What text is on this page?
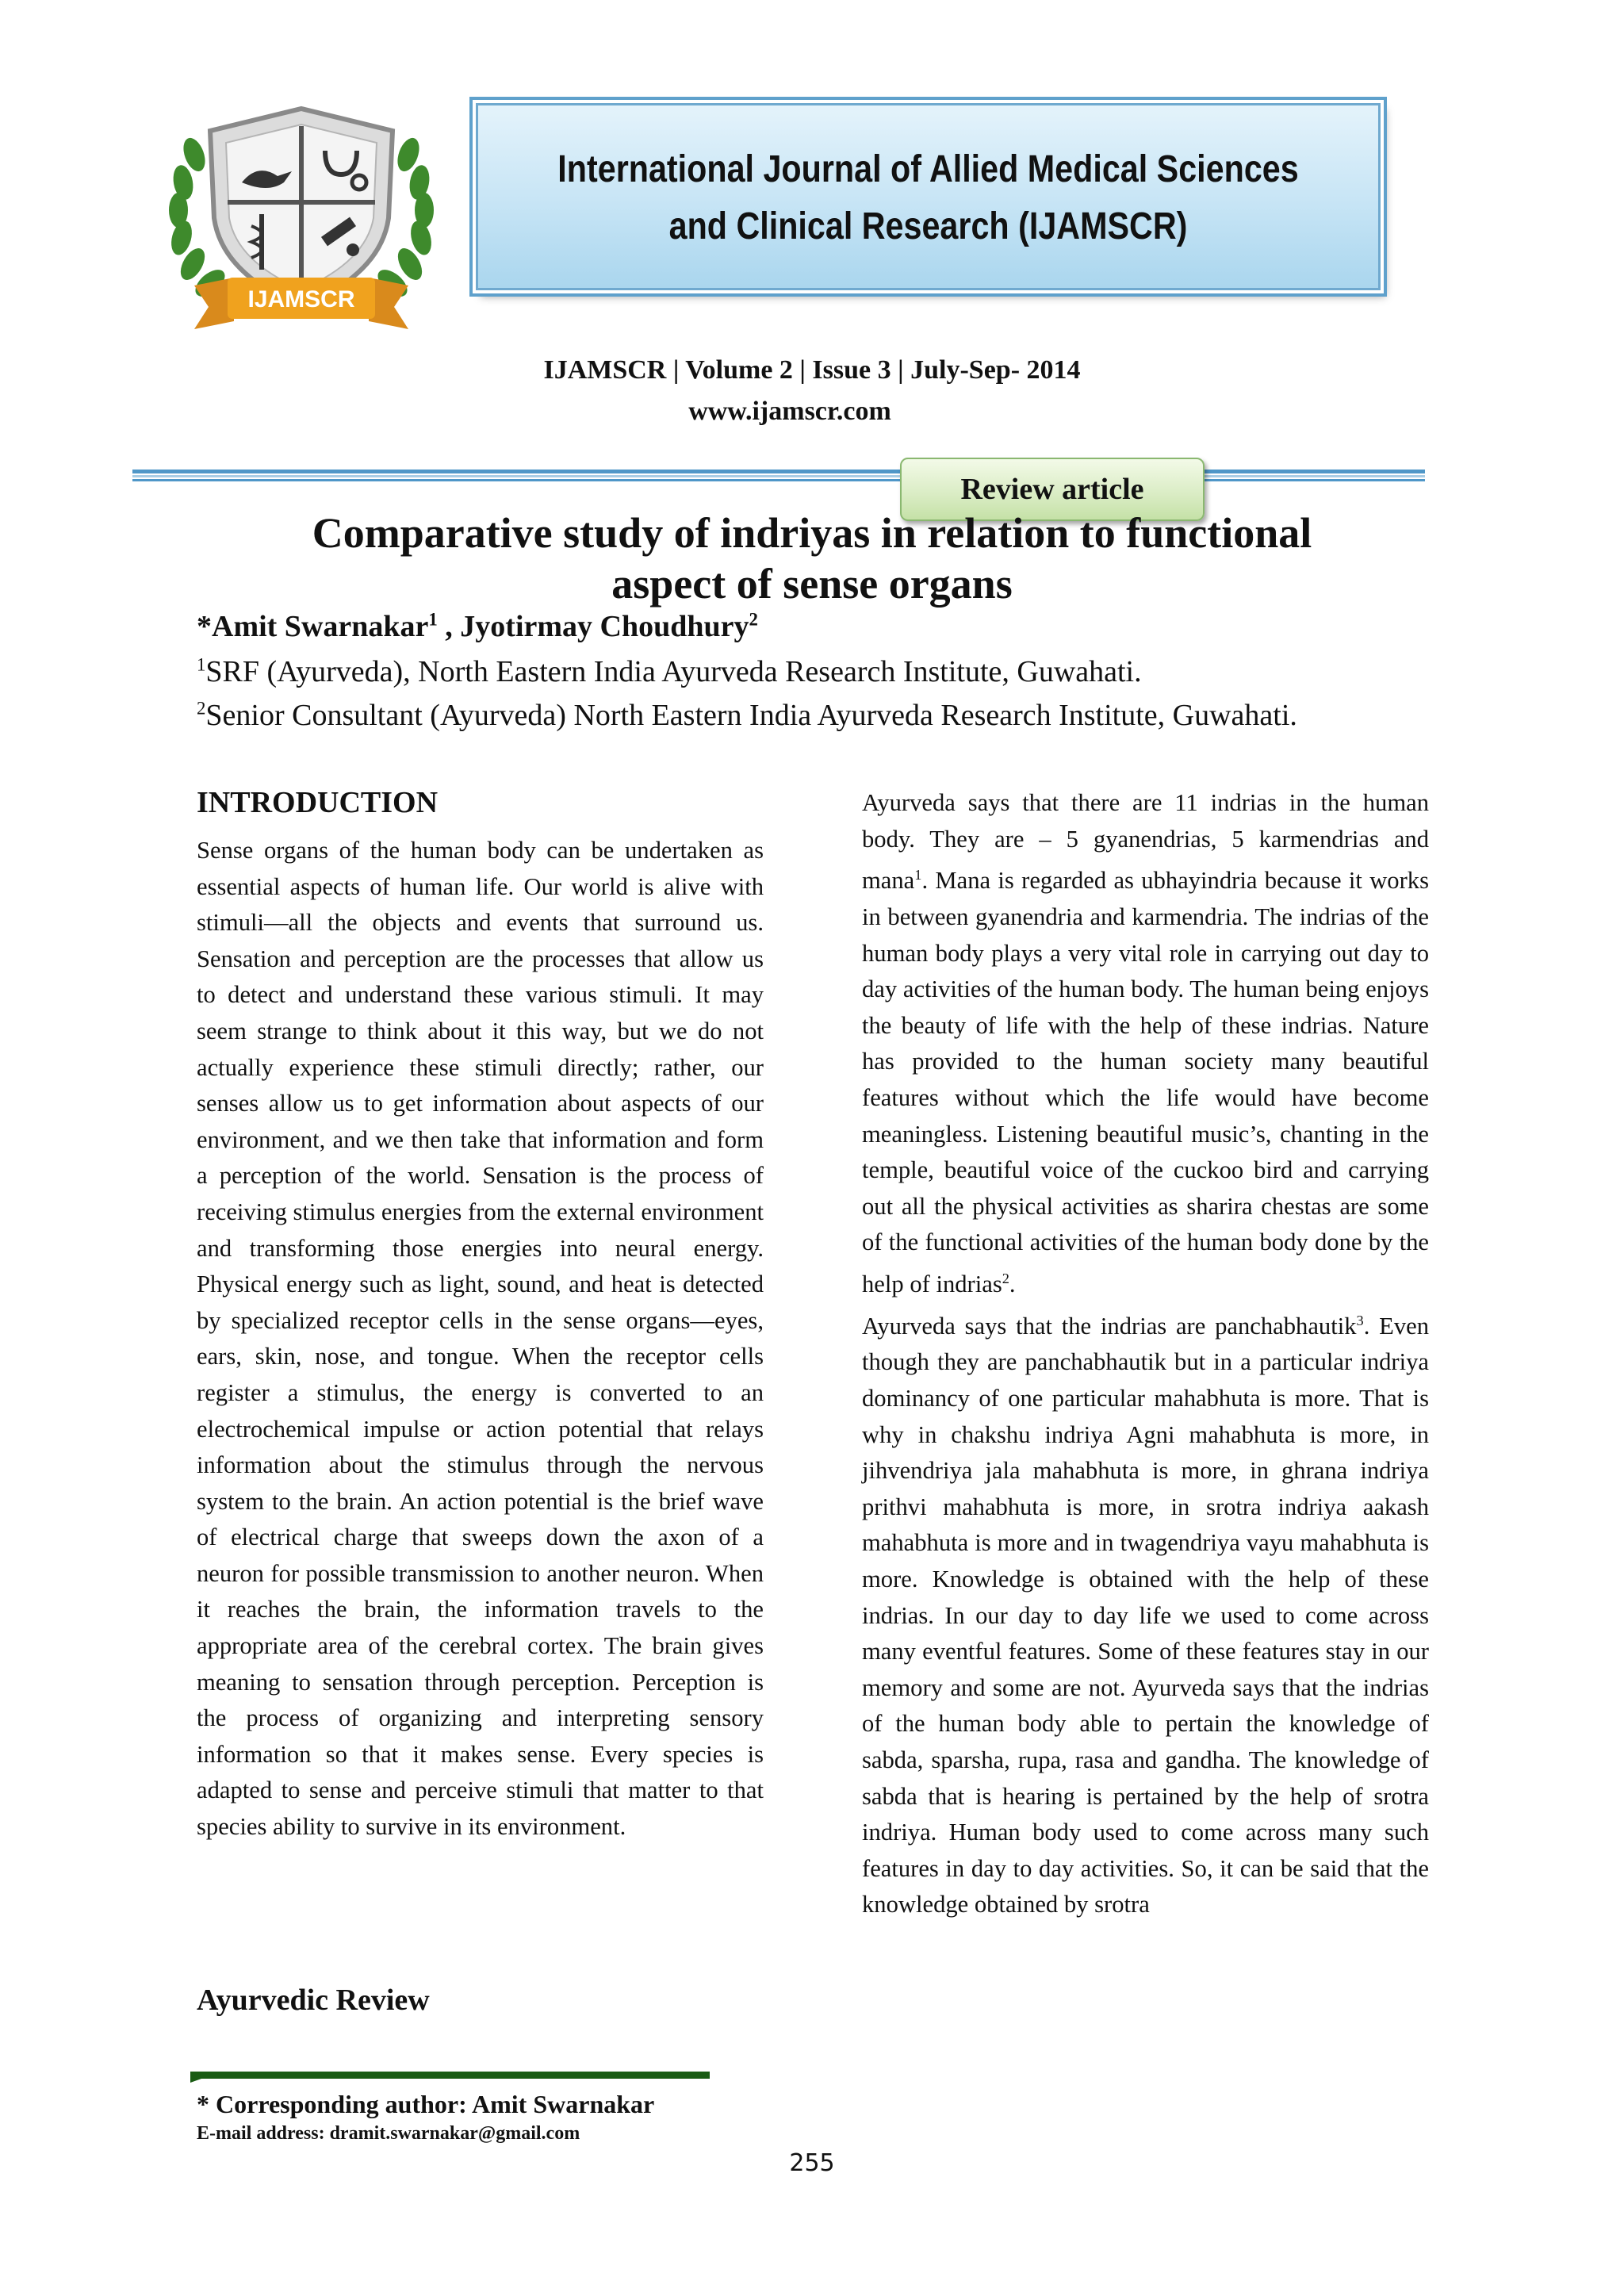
IJAMSCR
International Journal of Allied Medical Sciences
and Clinical Research (IJAMSCR)
IJAMSCR | Volume 2 | Issue 3 | July-Sep- 2014
www.ijamscr.com
Review article
Comparative study of indriyas in relation to functional
aspect of sense organs
*Amit Swarnakar$^1$ , Jyotirmay Choudhury$^2$
$^1$SRF (Ayurveda), North Eastern India Ayurveda Research Institute, Guwahati.
$^2$Senior Consultant (Ayurveda) North Eastern India Ayurveda Research Institute, Guwahati.
INTRODUCTION

Sense organs of the human body can be undertaken as essential aspects of human life. Our world is alive with stimuli—all the objects and events that surround us. Sensation and perception are the processes that allow us to detect and understand these various stimuli. It may seem strange to think about it this way, but we do not actually experience these stimuli directly; rather, our senses allow us to get information about aspects of our environment, and we then take that information and form a perception of the world. Sensation is the process of receiving stimulus energies from the external environment and transforming those energies into neural energy. Physical energy such as light, sound, and heat is detected by specialized receptor cells in the sense organs—eyes, ears, skin, nose, and tongue. When the receptor cells register a stimulus, the energy is converted to an electrochemical impulse or action potential that relays information about the stimulus through the nervous system to the brain. An action potential is the brief wave of electrical charge that sweeps down the axon of a neuron for possible transmission to another neuron. When it reaches the brain, the information travels to the appropriate area of the cerebral cortex. The brain gives meaning to sensation through perception. Perception is the process of organizing and interpreting sensory information so that it makes sense. Every species is adapted to sense and perceive stimuli that matter to that species ability to survive in its environment.

Ayurvedic Review

Ayurveda says that there are 11 indrias in the human body. They are – 5 gyanendrias, 5 karmendrias and mana$^1$. Mana is regarded as ubhayindria because it works in between gyanendria and karmendria. The indrias of the human body plays a very vital role in carrying out day to day activities of the human body. The human being enjoys the beauty of life with the help of these indrias. Nature has provided to the human society many beautiful features without which the life would have become meaningless. Listening beautiful music’s, chanting in the temple, beautiful voice of the cuckoo bird and carrying out all the physical activities as sharira chestas are some of the functional activities of the human body done by the help of indrias$^2$.

Ayurveda says that the indrias are panchabhautik$^3$. Even though they are panchabhautik but in a particular indriya dominancy of one particular mahabhuta is more. That is why in chakshu indriya Agni mahabhuta is more, in jihvendriya jala mahabhuta is more, in ghrana indriya prithvi mahabhuta is more, in srotra indriya aakash mahabhuta is more and in twagendriya vayu mahabhuta is more. Knowledge is obtained with the help of these indrias. In our day to day life we used to come across many eventful features. Some of these features stay in our memory and some are not. Ayurveda says that the indrias of the human body able to pertain the knowledge of sabda, sparsha, rupa, rasa and gandha. The knowledge of sabda that is hearing is pertained by the help of srotra indriya. Human body used to come across many such features in day to day activities. So, it can be said that the knowledge obtained by srotra

* Corresponding author: Amit Swarnakar
E-mail address: dramit.swarnakar@gmail.com
255
